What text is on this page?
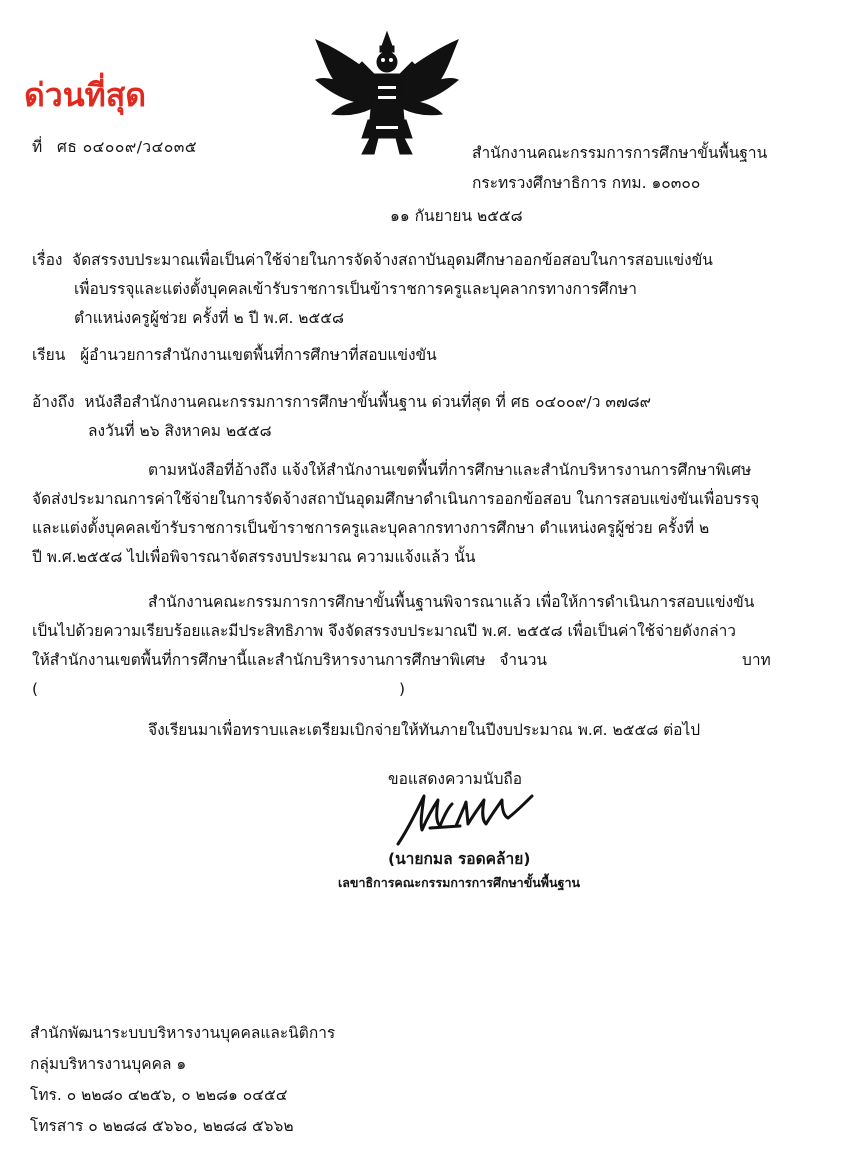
ด่วนที่สุด
ที่ ศธ ๐๔๐๐๙/ว๔๐๓๕	สำนักงานคณะกรรมการการศึกษาขั้นพื้นฐาน
กระทรวงศึกษาธิการ กทม. ๑๐๓๐๐
๑๑ กันยายน ๒๕๕๘
เรื่อง จัดสรรงบประมาณเพื่อเป็นค่าใช้จ่ายในการจัดจ้างสถาบันอุดมศึกษาออกข้อสอบในการสอบแข่งขัน
เพื่อบรรจุและแต่งตั้งบุคคลเข้ารับราชการเป็นข้าราชการครูและบุคลากรทางการศึกษา
ตำแหน่งครูผู้ช่วย ครั้งที่ ๒ ปี พ.ศ. ๒๕๕๘
เรียน ผู้อำนวยการสำนักงานเขตพื้นที่การศึกษาที่สอบแข่งขัน
อ้างถึง หนังสือสำนักงานคณะกรรมการการศึกษาขั้นพื้นฐาน ด่วนที่สุด ที่ ศธ ๐๔๐๐๙/ว ๓๗๘๙
ลงวันที่ ๒๖ สิงหาคม ๒๕๕๘
ตามหนังสือที่อ้างถึง แจ้งให้สำนักงานเขตพื้นที่การศึกษาและสำนักบริหารงานการศึกษาพิเศษ
จัดส่งประมาณการค่าใช้จ่ายในการจัดจ้างสถาบันอุดมศึกษาดำเนินการออกข้อสอบ ในการสอบแข่งขันเพื่อบรรจุ
และแต่งตั้งบุคคลเข้ารับราชการเป็นข้าราชการครูและบุคลากรทางการศึกษา ตำแหน่งครูผู้ช่วย ครั้งที่ ๒
ปี พ.ศ.๒๕๕๘ ไปเพื่อพิจารณาจัดสรรงบประมาณ ความแจ้งแล้ว นั้น
สำนักงานคณะกรรมการการศึกษาขั้นพื้นฐานพิจารณาแล้ว เพื่อให้การดำเนินการสอบแข่งขัน
เป็นไปด้วยความเรียบร้อยและมีประสิทธิภาพ จึงจัดสรรงบประมาณปี พ.ศ. ๒๕๕๘ เพื่อเป็นค่าใช้จ่ายดังกล่าว
ให้สำนักงานเขตพื้นที่การศึกษานี้และสำนักบริหารงานการศึกษาพิเศษ จำนวน	บาท
(	)
จึงเรียนมาเพื่อทราบและเตรียมเบิกจ่ายให้ทันภายในปีงบประมาณ พ.ศ. ๒๕๕๘ ต่อไป
ขอแสดงความนับถือ
(นายกมล รอดคล้าย)
เลขาธิการคณะกรรมการการศึกษาขั้นพื้นฐาน
สำนักพัฒนาระบบบริหารงานบุคคลและนิติการ
กลุ่มบริหารงานบุคคล ๑
โทร. ๐ ๒๒๘๐ ๔๒๕๖, ๐ ๒๒๘๑ ๐๔๕๔
โทรสาร ๐ ๒๒๘๘ ๕๖๖๐, ๒๒๘๘ ๕๖๖๒
